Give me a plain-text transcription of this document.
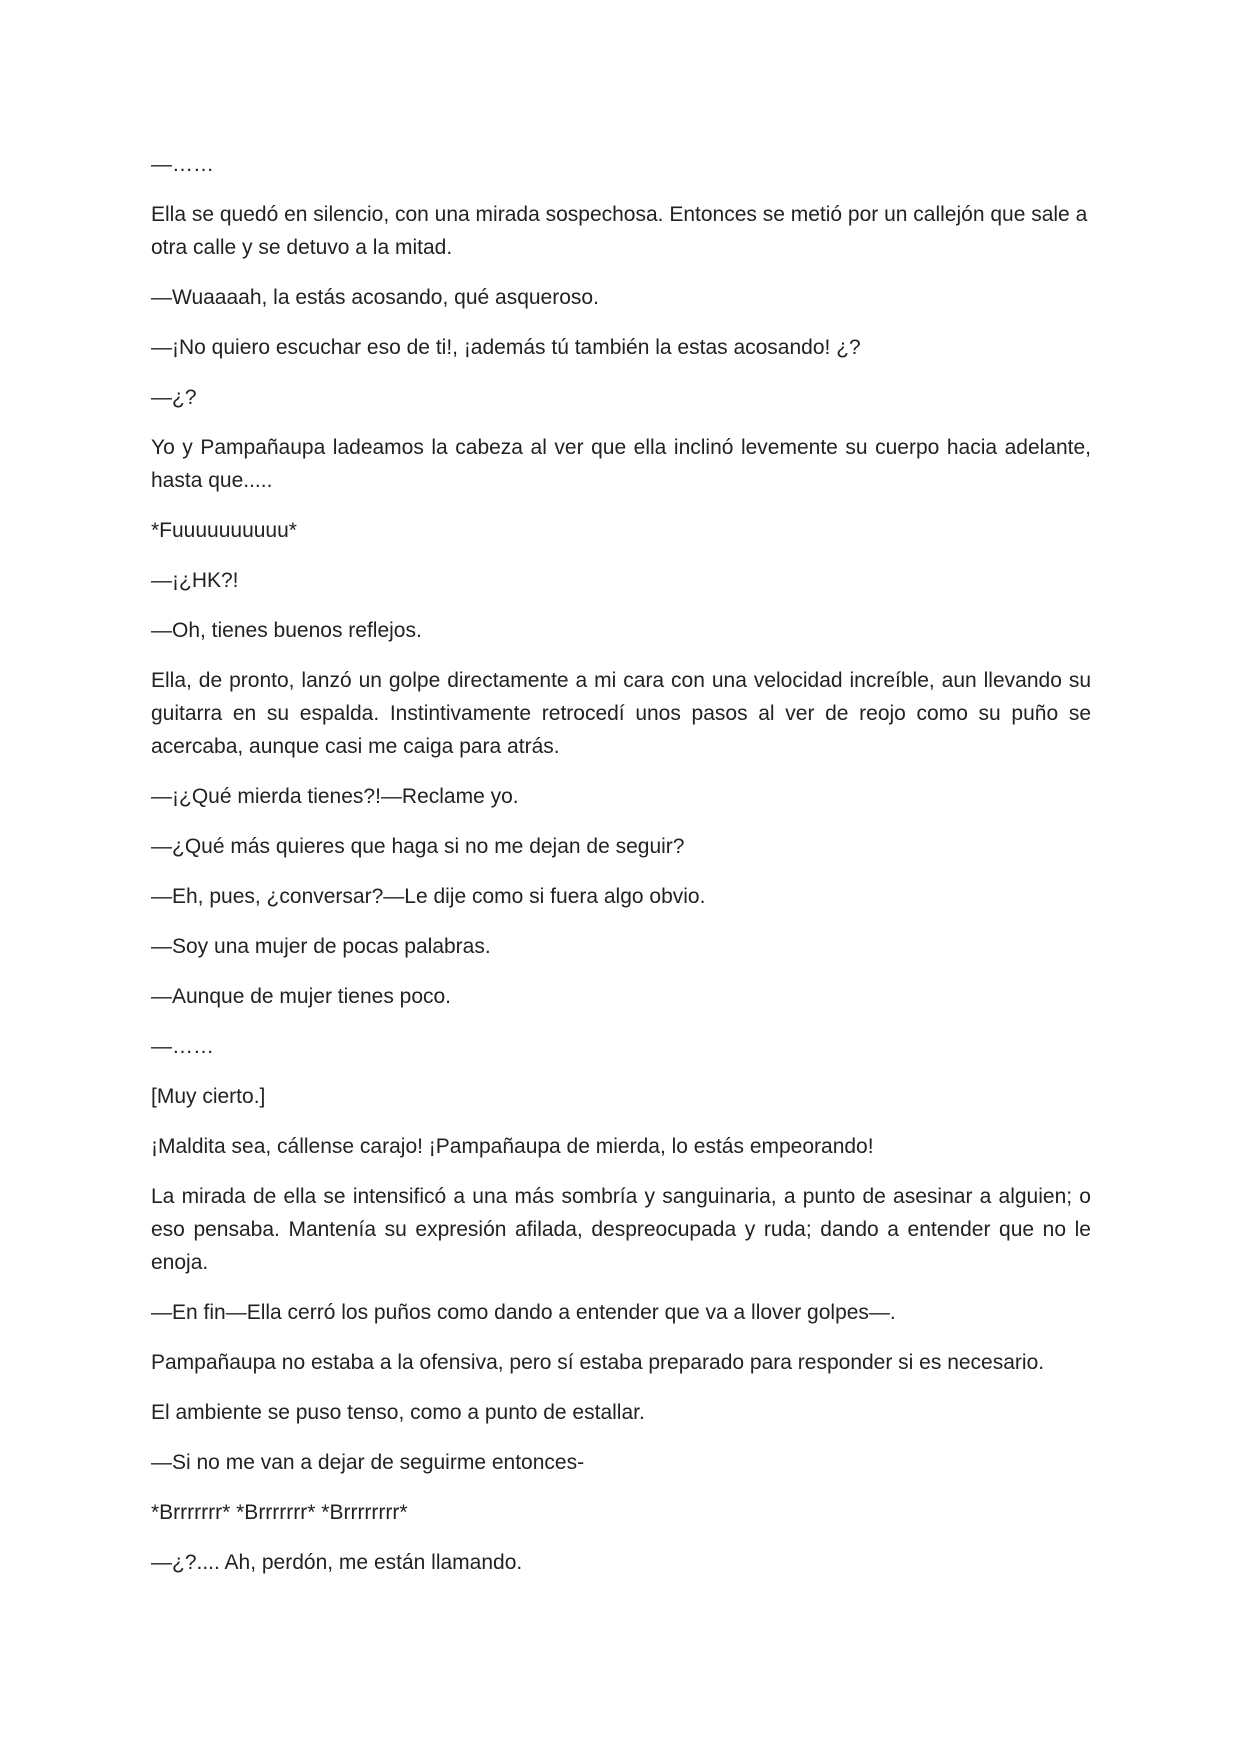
—……

Ella se quedó en silencio, con una mirada sospechosa. Entonces se metió por un callejón que sale a otra calle y se detuvo a la mitad.

—Wuaaaah, la estás acosando, qué asqueroso.

—¡No quiero escuchar eso de ti!, ¡además tú también la estas acosando! ¿?

—¿?

Yo y Pampañaupa ladeamos la cabeza al ver que ella inclinó levemente su cuerpo hacia adelante, hasta que.....

*Fuuuuuuuuuu*

—¡¿HK?!

—Oh, tienes buenos reflejos.

Ella, de pronto, lanzó un golpe directamente a mi cara con una velocidad increíble, aun llevando su guitarra en su espalda. Instintivamente retrocedí unos pasos al ver de reojo como su puño se acercaba, aunque casi me caiga para atrás.

—¡¿Qué mierda tienes?!—Reclame yo.

—¿Qué más quieres que haga si no me dejan de seguir?

—Eh, pues, ¿conversar?—Le dije como si fuera algo obvio.

—Soy una mujer de pocas palabras.

—Aunque de mujer tienes poco.

—……

[Muy cierto.]

¡Maldita sea, cállense carajo! ¡Pampañaupa de mierda, lo estás empeorando!

La mirada de ella se intensificó a una más sombría y sanguinaria, a punto de asesinar a alguien; o eso pensaba. Mantenía su expresión afilada, despreocupada y ruda; dando a entender que no le enoja.

—En fin—Ella cerró los puños como dando a entender que va a llover golpes—.

Pampañaupa no estaba a la ofensiva, pero sí estaba preparado para responder si es necesario.

El ambiente se puso tenso, como a punto de estallar.

—Si no me van a dejar de seguirme entonces-

*Brrrrrrr* *Brrrrrrr* *Brrrrrrrr*

—¿?.... Ah, perdón, me están llamando.
